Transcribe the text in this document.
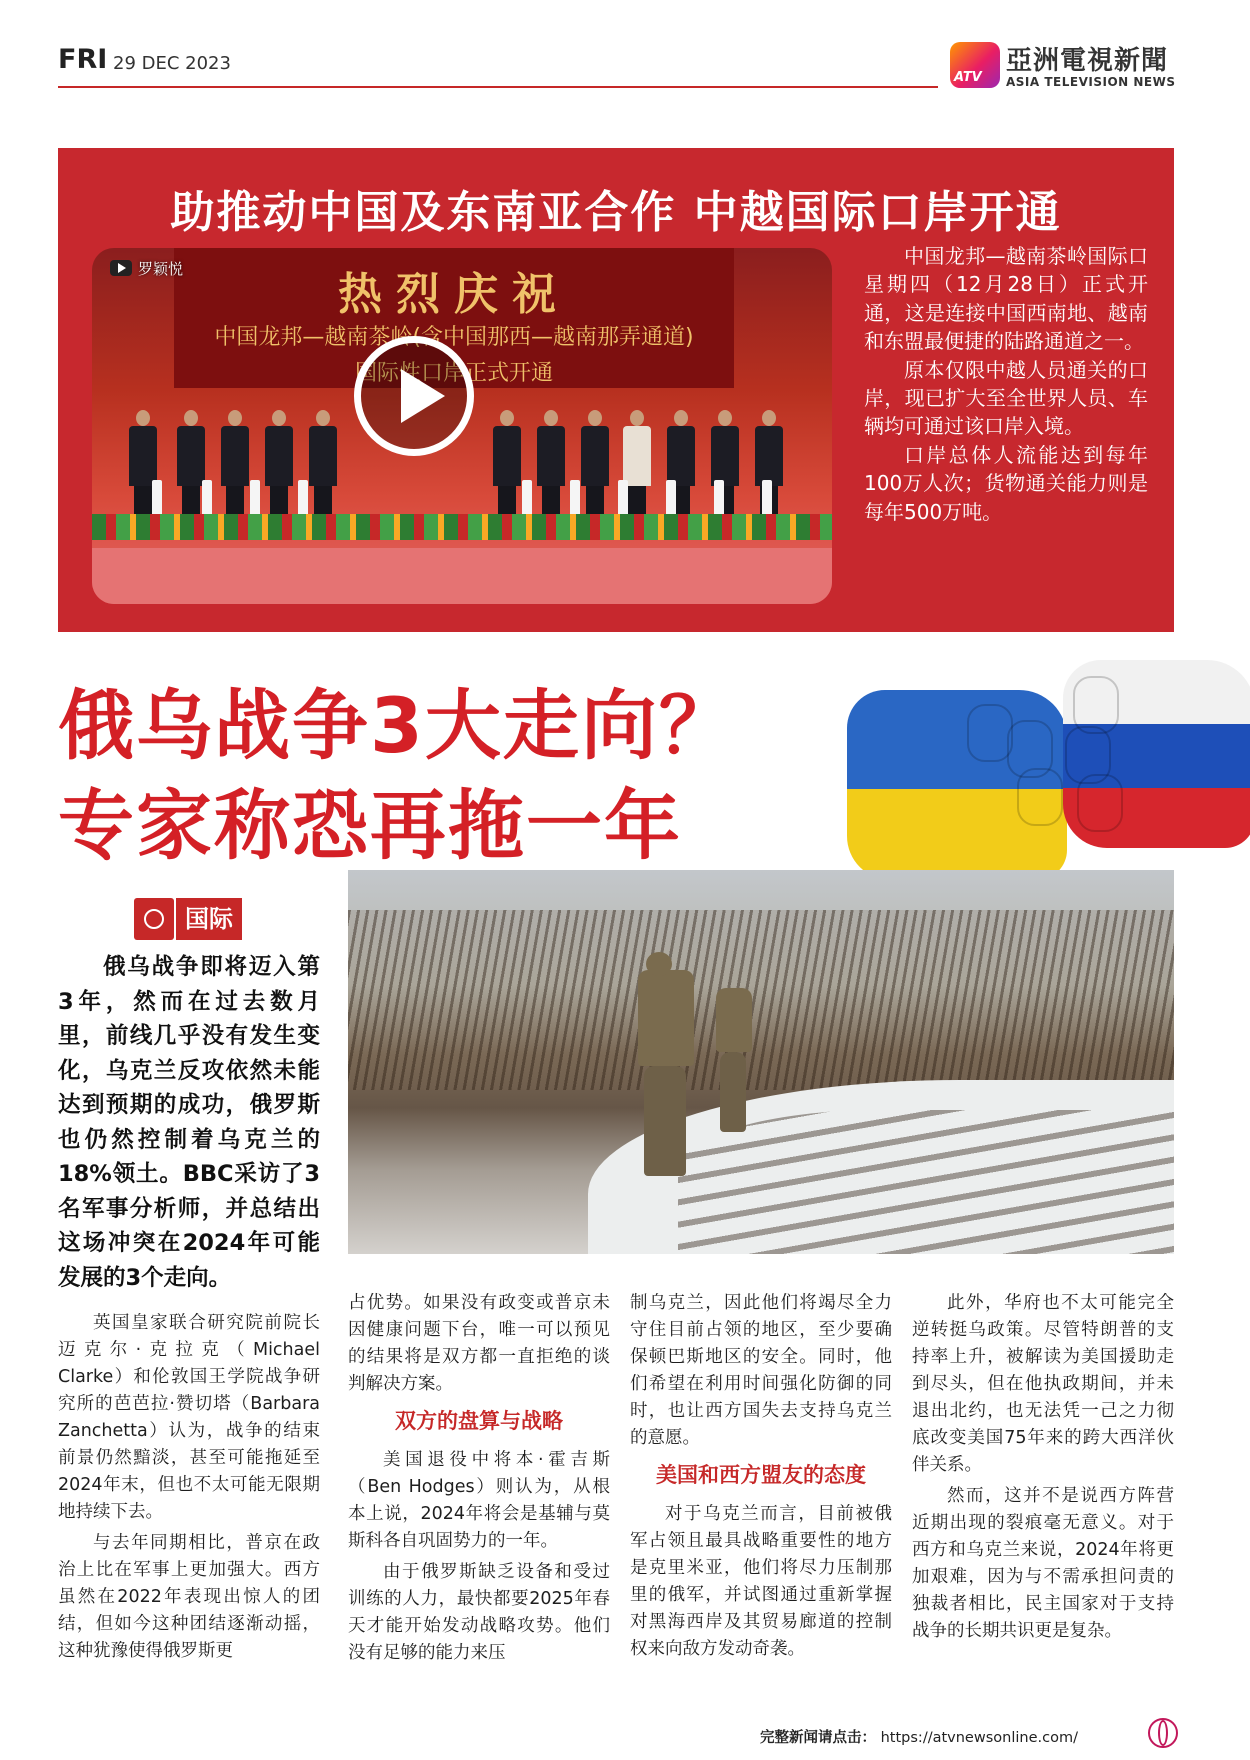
FRI 29 DEC 2023
ATV
亞洲電視新聞
ASIA TELEVISION NEWS
助推动中国及东南亚合作 中越国际口岸开通
热烈庆祝
中国龙邦—越南茶岭(含中国那西—越南那弄通道)
国际性口岸正式开通
罗颖悦

中国龙邦—越南茶岭国际口星期四（12月28日）正式开通，这是连接中国西南地、越南和东盟最便捷的陆路通道之一。

原本仅限中越人员通关的口岸，现已扩大至全世界人员、车辆均可通过该口岸入境。

口岸总体人流能达到每年100万人次；货物通关能力则是每年500万吨。

俄乌战争3大走向？
专家称恐再拖一年
国际

俄乌战争即将迈入第3年，然而在过去数月里，前线几乎没有发生变化，乌克兰反攻依然未能达到预期的成功，俄罗斯也仍然控制着乌克兰的18%领土。BBC采访了3名军事分析师，并总结出这场冲突在2024年可能发展的3个走向。

英国皇家联合研究院前院长迈克尔·克拉克（Michael Clarke）和伦敦国王学院战争研究所的芭芭拉·赞切塔（Barbara Zanchetta）认为，战争的结束前景仍然黯淡，甚至可能拖延至2024年末，但也不太可能无限期地持续下去。

与去年同期相比，普京在政治上比在军事上更加强大。西方虽然在2022年表现出惊人的团结，但如今这种团结逐渐动摇，这种犹豫使得俄罗斯更

占优势。如果没有政变或普京未因健康问题下台，唯一可以预见的结果将是双方都一直拒绝的谈判解决方案。

双方的盘算与战略

美国退役中将本·霍吉斯（Ben Hodges）则认为，从根本上说，2024年将会是基辅与莫斯科各自巩固势力的一年。

由于俄罗斯缺乏设备和受过训练的人力，最快都要2025年春天才能开始发动战略攻势。他们没有足够的能力来压

制乌克兰，因此他们将竭尽全力守住目前占领的地区，至少要确保顿巴斯地区的安全。同时，他们希望在利用时间强化防御的同时，也让西方国失去支持乌克兰的意愿。

美国和西方盟友的态度

对于乌克兰而言，目前被俄军占领且最具战略重要性的地方是克里米亚，他们将尽力压制那里的俄军，并试图通过重新掌握对黑海西岸及其贸易廊道的控制权来向敌方发动奇袭。

此外，华府也不太可能完全逆转挺乌政策。尽管特朗普的支持率上升，被解读为美国援助走到尽头，但在他执政期间，并未退出北约，也无法凭一己之力彻底改变美国75年来的跨大西洋伙伴关系。

然而，这并不是说西方阵营近期出现的裂痕毫无意义。对于西方和乌克兰来说，2024年将更加艰难，因为与不需承担问责的独裁者相比，民主国家对于支持战争的长期共识更是复杂。

完整新闻请点击： https://atvnewsonline.com/
